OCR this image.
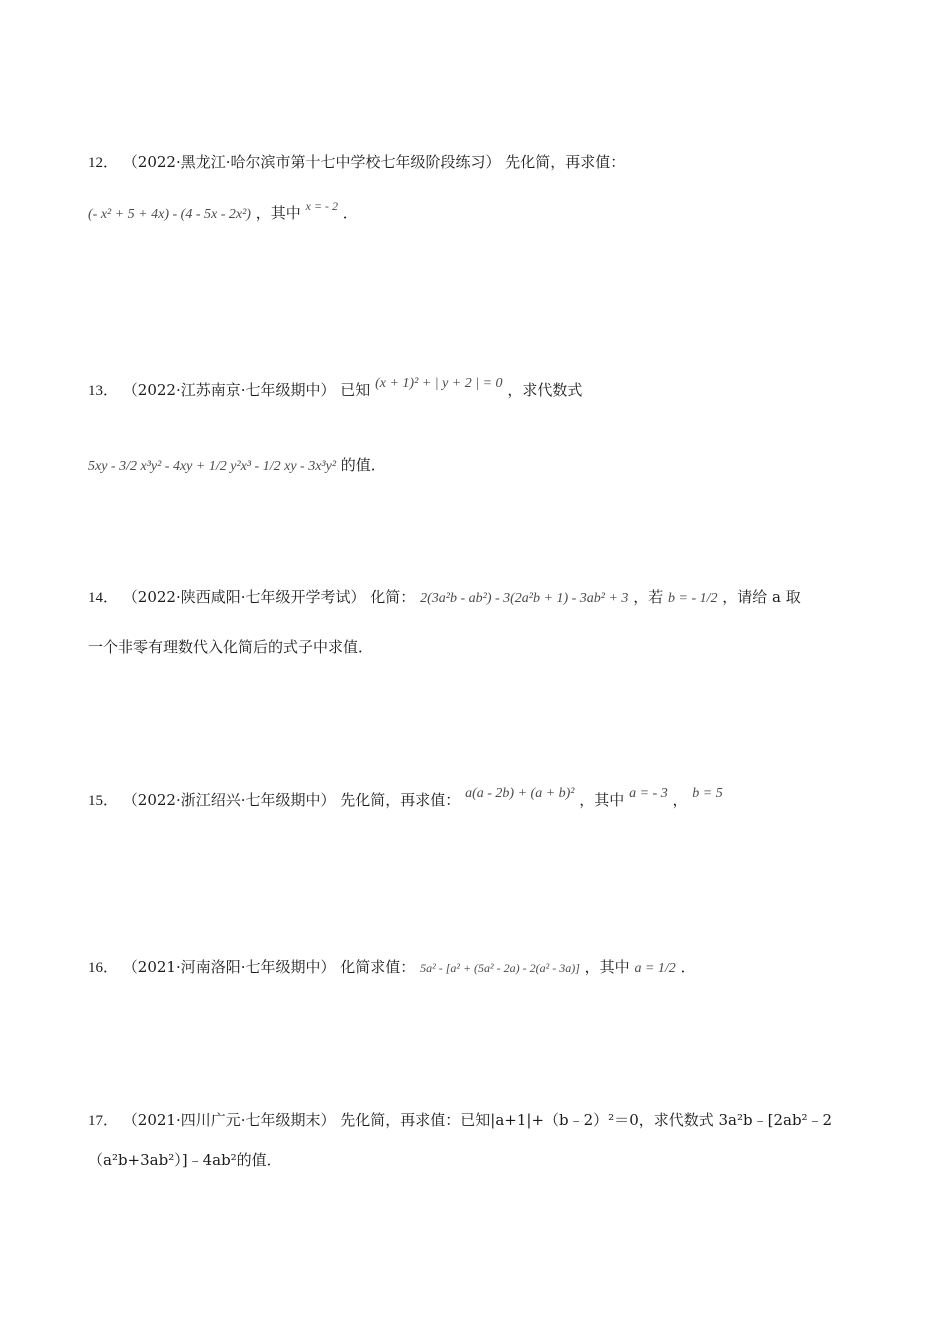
12． （2022·黑龙江·哈尔滨市第十七中学校七年级阶段练习） 先化简，再求值：
(- x² + 5 + 4x) - (4 - 5x - 2x²) ，其中 $^{x = - 2}$ ．
13． （2022·江苏南京·七年级期中） 已知 (x + 1)² + | y + 2 | = 0 ，求代数式
5xy - 3/2 x³y² - 4xy + 1/2 y²x³ - 1/2 xy - 3x³y² 的值．
14． （2022·陕西咸阳·七年级开学考试） 化简： 2(3a²b - ab²) - 3(2a²b + 1) - 3ab² + 3 ，若 b = - 1/2 ，请给 a 取
一个非零有理数代入化简后的式子中求值．
15． （2022·浙江绍兴·七年级期中） 先化简，再求值： a(a - 2b) + (a + b)² ，其中 a = - 3 ， b = 5
16． （2021·河南洛阳·七年级期中） 化简求值： 5a² - [a² + (5a² - 2a) - 2(a² - 3a)] ，其中 a = 1/2 ．
17． （2021·四川广元·七年级期末） 先化简，再求值：已知|a+1|+（b﹣2）²＝0，求代数式 3a²b﹣[2ab²﹣2
（a²b+3ab²）]﹣4ab²的值．
